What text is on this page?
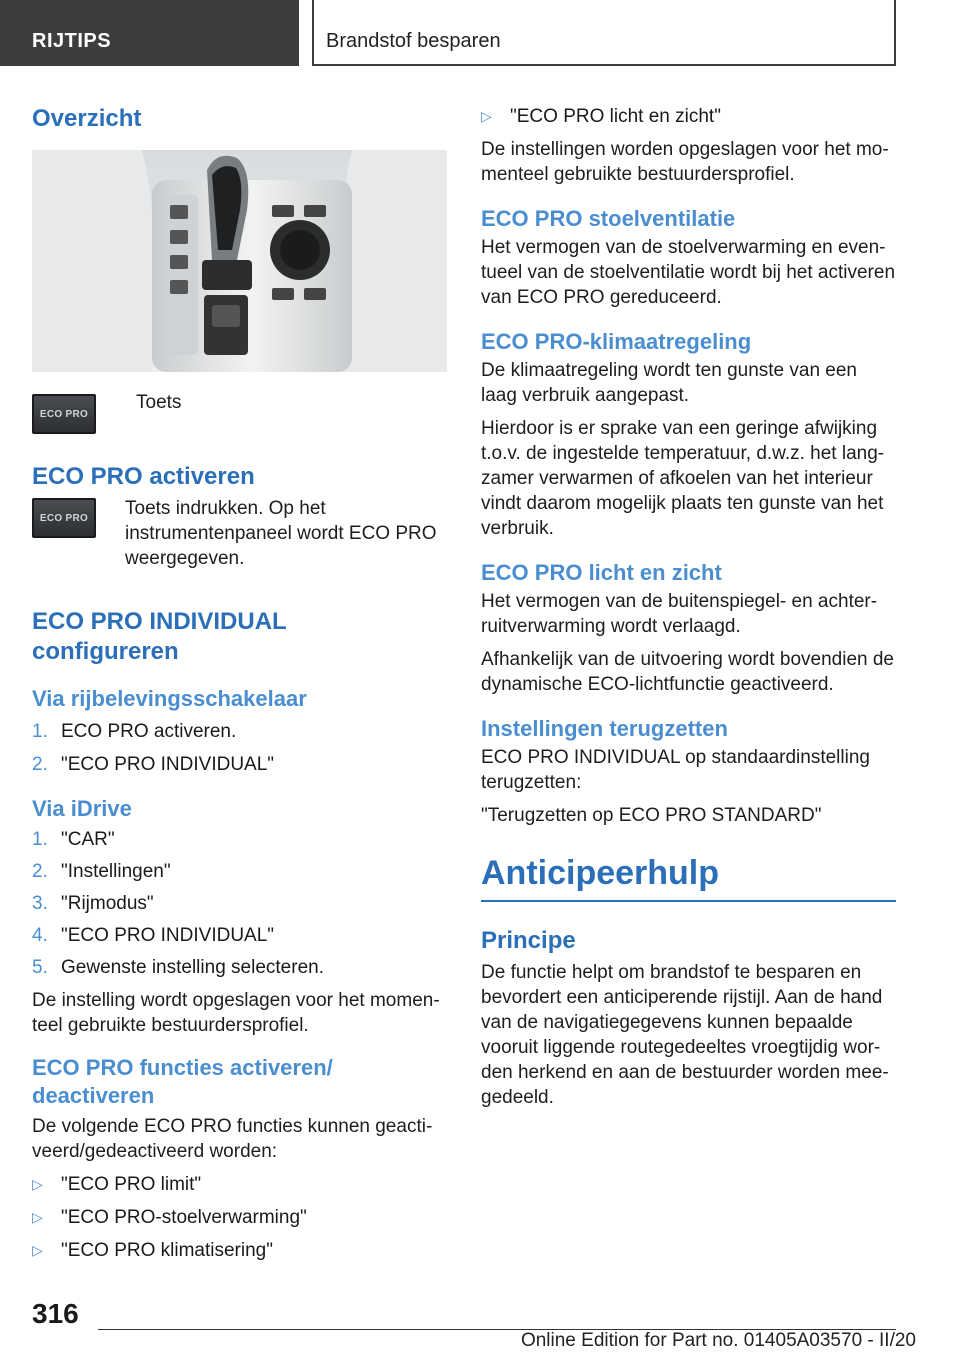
RIJTIPS	Brandstof besparen
Overzicht
ECO PRO

Toets

ECO PRO activeren
ECO PRO Toets indrukken. Op het instrumentenpaneel wordt ECO PRO weergegeven.

ECO PRO INDIVIDUAL configureren
Via rijbelevingsschakelaar
1. ECO PRO activeren.
2. "ECO PRO INDIVIDUAL"
Via iDrive
1. "CAR"
2. "Instellingen"
3. "Rijmodus"
4. "ECO PRO INDIVIDUAL"
5. Gewenste instelling selecteren.

De instelling wordt opgeslagen voor het momenteel gebruikte bestuurdersprofiel.

ECO PRO functies activeren/ deactiveren

De volgende ECO PRO functies kunnen geactiveerd/gedeactiveerd worden:

▷ "ECO PRO limit"
▷ "ECO PRO-stoelverwarming"
▷ "ECO PRO klimatisering"
▷ "ECO PRO licht en zicht"

De instellingen worden opgeslagen voor het momenteel gebruikte bestuurdersprofiel.

ECO PRO stoelventilatie

Het vermogen van de stoelverwarming en eventueel van de stoelventilatie wordt bij het activeren van ECO PRO gereduceerd.

ECO PRO-klimaatregeling

De klimaatregeling wordt ten gunste van een laag verbruik aangepast.

Hierdoor is er sprake van een geringe afwijking t.o.v. de ingestelde temperatuur, d.w.z. het langzamer verwarmen of afkoelen van het interieur vindt daarom mogelijk plaats ten gunste van het verbruik.

ECO PRO licht en zicht

Het vermogen van de buitenspiegel- en achterruitverwarming wordt verlaagd.

Afhankelijk van de uitvoering wordt bovendien de dynamische ECO-lichtfunctie geactiveerd.

Instellingen terugzetten

ECO PRO INDIVIDUAL op standaardinstelling terugzetten:

"Terugzetten op ECO PRO STANDARD"

Anticipeerhulp
Principe

De functie helpt om brandstof te besparen en bevordert een anticiperende rijstijl. Aan de hand van de navigatiegegevens kunnen bepaalde vooruit liggende routegedeeltes vroegtijdig worden herkend en aan de bestuurder worden meegedeeld.

316
Online Edition for Part no. 01405A03570 - II/20
